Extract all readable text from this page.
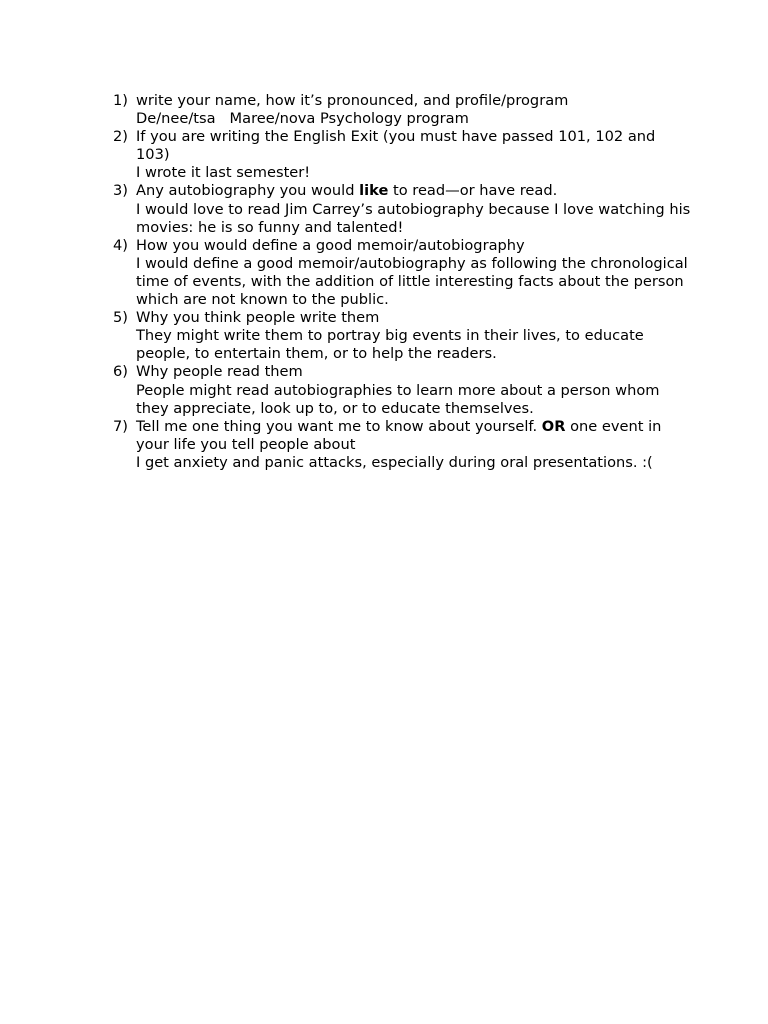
1) write your name, how it’s pronounced, and profile/program
De/nee/tsa Maree/nova Psychology program
2) If you are writing the English Exit (you must have passed 101, 102 and 103)
I wrote it last semester!
3) Any autobiography you would like to read—or have read.
I would love to read Jim Carrey’s autobiography because I love watching his movies: he is so funny and talented!
4) How you would define a good memoir/autobiography
I would define a good memoir/autobiography as following the chronological time of events, with the addition of little interesting facts about the person which are not known to the public.
5) Why you think people write them
They might write them to portray big events in their lives, to educate people, to entertain them, or to help the readers.
6) Why people read them
People might read autobiographies to learn more about a person whom they appreciate, look up to, or to educate themselves.
7) Tell me one thing you want me to know about yourself. OR one event in your life you tell people about
I get anxiety and panic attacks, especially during oral presentations. :(
